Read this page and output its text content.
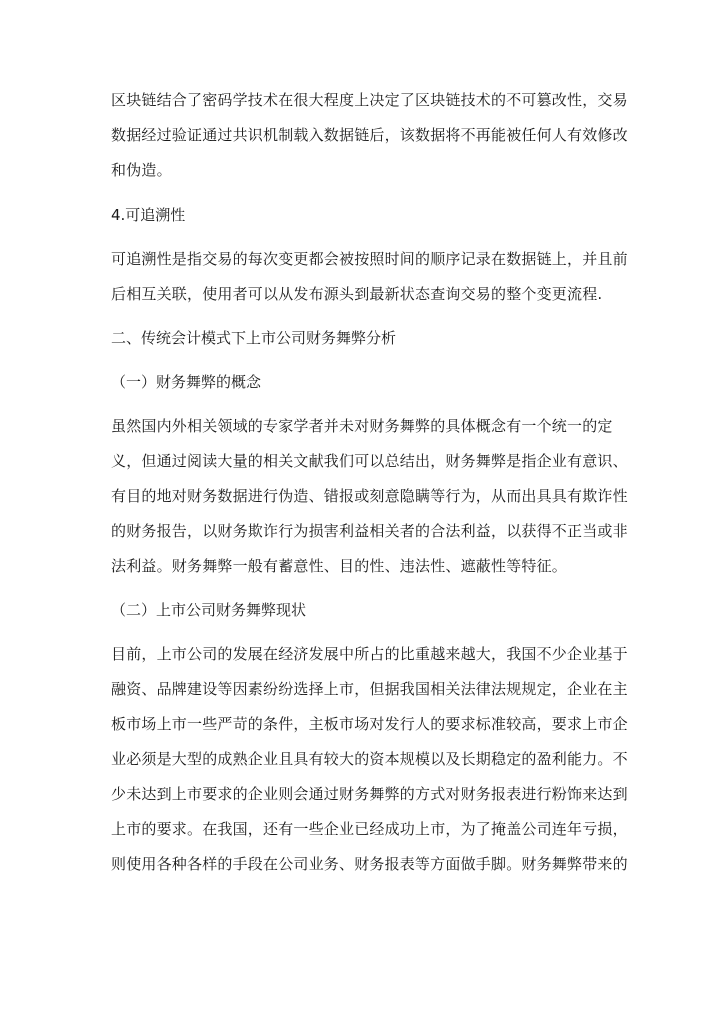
区块链结合了密码学技术在很大程度上决定了区块链技术的不可篡改性，交易
数据经过验证通过共识机制载入数据链后，该数据将不再能被任何人有效修改
和伪造。
4.可追溯性
可追溯性是指交易的每次变更都会被按照时间的顺序记录在数据链上，并且前
后相互关联，使用者可以从发布源头到最新状态查询交易的整个变更流程.
二、传统会计模式下上市公司财务舞弊分析
（一）财务舞弊的概念
虽然国内外相关领域的专家学者并未对财务舞弊的具体概念有一个统一的定
义，但通过阅读大量的相关文献我们可以总结出，财务舞弊是指企业有意识、
有目的地对财务数据进行伪造、错报或刻意隐瞒等行为，从而出具具有欺诈性
的财务报告，以财务欺诈行为损害利益相关者的合法利益，以获得不正当或非
法利益。财务舞弊一般有蓄意性、目的性、违法性、遮蔽性等特征。
（二）上市公司财务舞弊现状
目前，上市公司的发展在经济发展中所占的比重越来越大，我国不少企业基于
融资、品牌建设等因素纷纷选择上市，但据我国相关法律法规规定，企业在主
板市场上市一些严苛的条件，主板市场对发行人的要求标准较高，要求上市企
业必须是大型的成熟企业且具有较大的资本规模以及长期稳定的盈利能力。不
少未达到上市要求的企业则会通过财务舞弊的方式对财务报表进行粉饰来达到
上市的要求。在我国，还有一些企业已经成功上市，为了掩盖公司连年亏损，
则使用各种各样的手段在公司业务、财务报表等方面做手脚。财务舞弊带来的
